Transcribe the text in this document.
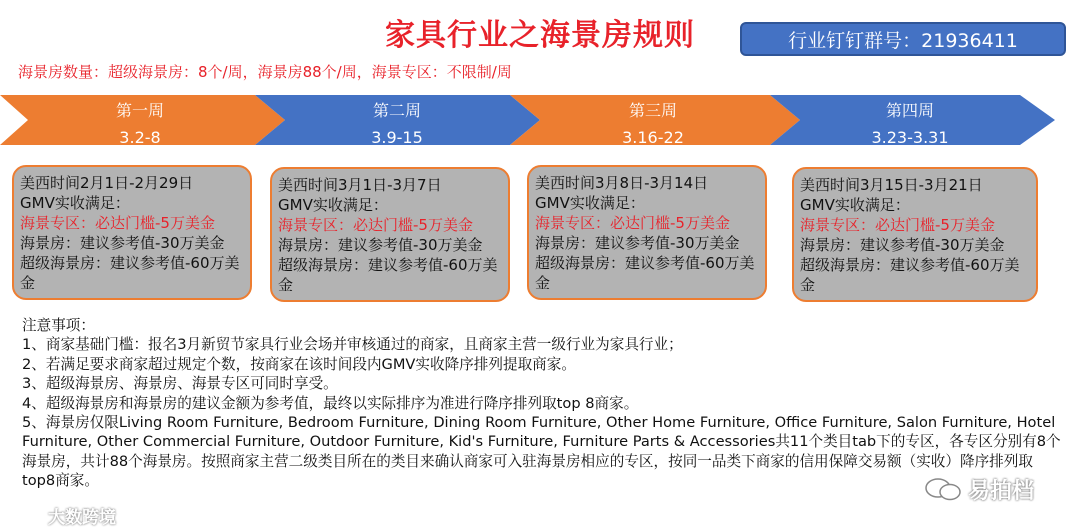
家具行业之海景房规则	行业钉钉群号：21936411
海景房数量：超级海景房：8个/周，海景房88个/周，海景专区：不限制/周
第一周
3.2-8
第二周
3.9-15
第三周
3.16-22
第四周
3.23-3.31
美西时间2月1日-2月29日
GMV实收满足：
海景专区：必达门槛-5万美金
海景房：建议参考值-30万美金
超级海景房：建议参考值-60万美金
美西时间3月1日-3月7日
GMV实收满足：
海景专区：必达门槛-5万美金
海景房：建议参考值-30万美金
超级海景房：建议参考值-60万美金
美西时间3月8日-3月14日
GMV实收满足：
海景专区：必达门槛-5万美金
海景房：建议参考值-30万美金
超级海景房：建议参考值-60万美金
美西时间3月15日-3月21日
GMV实收满足：
海景专区：必达门槛-5万美金
海景房：建议参考值-30万美金
超级海景房：建议参考值-60万美金

注意事项：

1、商家基础门槛：报名3月新贸节家具行业会场并审核通过的商家，且商家主营一级行业为家具行业；

2、若满足要求商家超过规定个数，按商家在该时间段内GMV实收降序排列提取商家。

3、超级海景房、海景房、海景专区可同时享受。

4、超级海景房和海景房的建议金额为参考值，最终以实际排序为准进行降序排列取top 8商家。

5、海景房仅限Living Room Furniture, Bedroom Furniture, Dining Room Furniture, Other Home Furniture, Office Furniture, Salon Furniture, Hotel Furniture, Other Commercial Furniture, Outdoor Furniture, Kid's Furniture, Furniture Parts & Accessories共11个类目tab下的专区，各专区分别有8个海景房，共计88个海景房。按照商家主营二级类目所在的类目来确认商家可入驻海景房相应的专区，按同一品类下商家的信用保障交易额（实收）降序排列取top8商家。	易拍档
大数跨境
